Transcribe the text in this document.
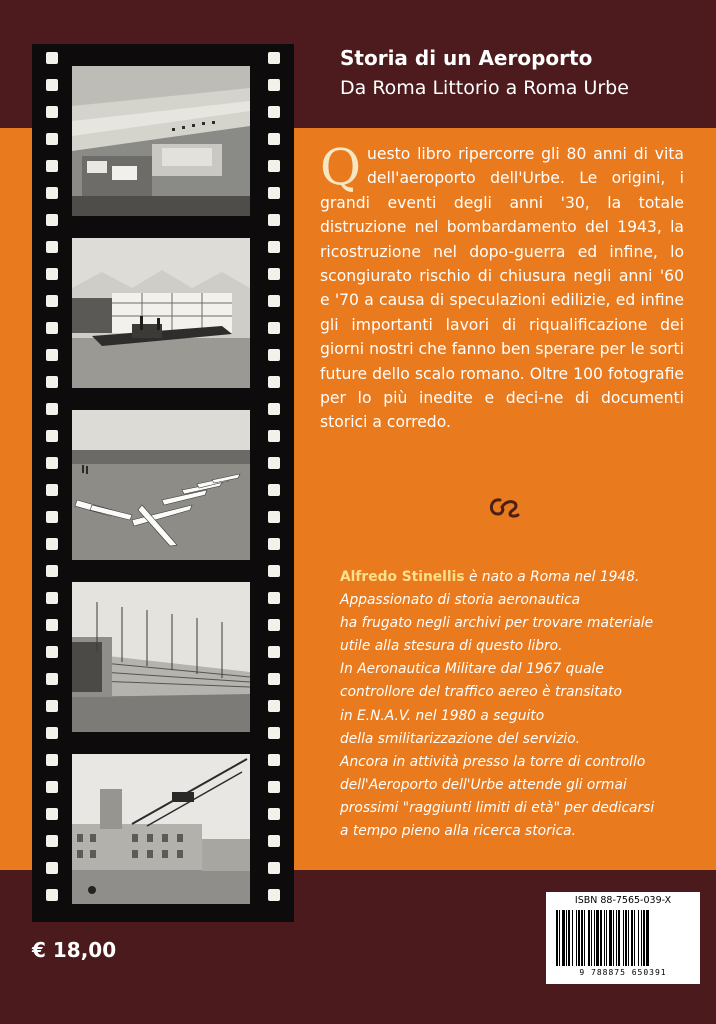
Storia di un Aeroporto
Da Roma Littorio a Roma Urbe
Questo libro ripercorre gli 80 anni di vita dell'aeroporto dell'Urbe. Le origini, i grandi eventi degli anni '30, la totale distruzione nel bombardamento del 1943, la ricostruzione nel dopo-guerra ed infine, lo scongiurato rischio di chiusura negli anni '60 e '70 a causa di speculazioni edilizie, ed infine gli importanti lavori di riqualificazione dei giorni nostri che fanno ben sperare per le sorti future dello scalo romano. Oltre 100 fotografie per lo più inedite e deci-ne di documenti storici a corredo.

Alfredo Stinellis è nato a Roma nel 1948.

Appassionato di storia aeronautica

ha frugato negli archivi per trovare materiale

utile alla stesura di questo libro.

In Aeronautica Militare dal 1967 quale

controllore del traffico aereo è transitato

in E.N.A.V. nel 1980 a seguito

della smilitarizzazione del servizio.

Ancora in attività presso la torre di controllo

dell'Aeroporto dell'Urbe attende gli ormai

prossimi "raggiunti limiti di età" per dedicarsi

a tempo pieno alla ricerca storica.

€ 18,00
ISBN 88-7565-039-X
9 788875 650391
